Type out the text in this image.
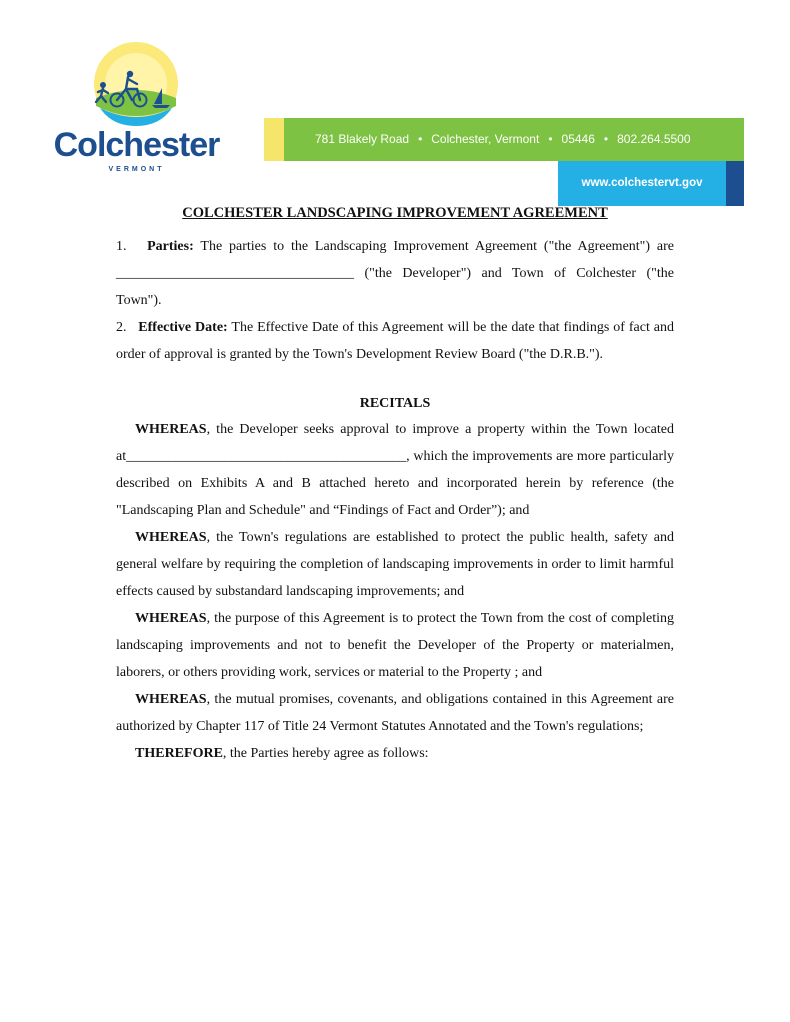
Colchester
VERMONT
781 Blakely Road • Colchester, Vermont • 05446 • 802.264.5500
www.colchestervt.gov

COLCHESTER LANDSCAPING IMPROVEMENT AGREEMENT

1. Parties: The parties to the Landscaping Improvement Agreement ("the Agreement") are __________________________________ ("the Developer") and Town of Colchester ("the Town").

2. Effective Date: The Effective Date of this Agreement will be the date that findings of fact and order of approval is granted by the Town's Development Review Board ("the D.R.B.").

RECITALS

WHEREAS, the Developer seeks approval to improve a property within the Town located at________________________________________, which the improvements are more particularly described on Exhibits A and B attached hereto and incorporated herein by reference (the "Landscaping Plan and Schedule" and “Findings of Fact and Order”); and

WHEREAS, the Town's regulations are established to protect the public health, safety and general welfare by requiring the completion of landscaping improvements in order to limit harmful effects caused by substandard landscaping improvements; and

WHEREAS, the purpose of this Agreement is to protect the Town from the cost of completing landscaping improvements and not to benefit the Developer of the Property or materialmen, laborers, or others providing work, services or material to the Property ; and

WHEREAS, the mutual promises, covenants, and obligations contained in this Agreement are authorized by Chapter 117 of Title 24 Vermont Statutes Annotated and the Town's regulations;

THEREFORE, the Parties hereby agree as follows:
